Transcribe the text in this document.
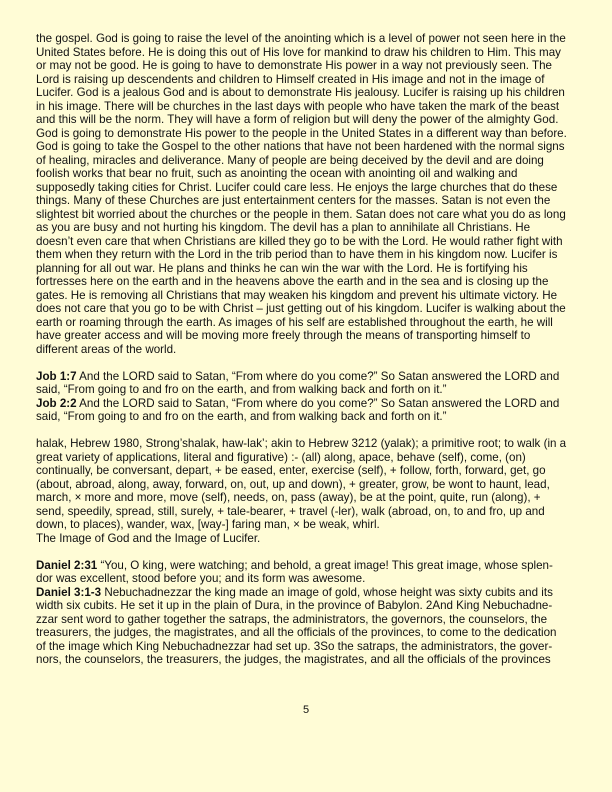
the gospel. God is going to raise the level of the anointing which is a level of power not seen here in the United States before. He is doing this out of His love for mankind to draw his children to Him. This may or may not be good. He is going to have to demonstrate His power in a way not previously seen. The Lord is raising up descendents and children to Himself created in His image and not in the image of Lucifer. God is a jealous God and is about to demonstrate His jealousy. Lucifer is raising up his children in his image. There will be churches in the last days with people who have taken the mark of the beast and this will be the norm. They will have a form of religion but will deny the power of the almighty God. God is going to demonstrate His power to the people in the United States in a different way than before. God is going to take the Gospel to the other nations that have not been hardened with the normal signs of healing, miracles and deliverance. Many of people are being deceived by the devil and are doing foolish works that bear no fruit, such as anointing the ocean with anointing oil and walking and supposedly taking cities for Christ. Lucifer could care less. He enjoys the large churches that do these things. Many of these Churches are just entertainment centers for the masses. Satan is not even the slightest bit worried about the churches or the people in them. Satan does not care what you do as long as you are busy and not hurting his kingdom. The devil has a plan to annihilate all Christians. He doesn’t even care that when Christians are killed they go to be with the Lord. He would rather fight with them when they return with the Lord in the trib period than to have them in his kingdom now. Lucifer is planning for all out war. He plans and thinks he can win the war with the Lord. He is fortifying his fortresses here on the earth and in the heavens above the earth and in the sea and is closing up the gates. He is removing all Christians that may weaken his kingdom and prevent his ultimate victory. He does not care that you go to be with Christ – just getting out of his kingdom. Lucifer is walking about the earth or roaming through the earth. As images of his self are established throughout the earth, he will have greater access and will be moving more freely through the means of transporting himself to different areas of the world.

Job 1:7 And the LORD said to Satan, “From where do you come?” So Satan answered the LORD and said, “From going to and fro on the earth, and from walking back and forth on it.”

Job 2:2 And the LORD said to Satan, “From where do you come?” So Satan answered the LORD and said, “From going to and fro on the earth, and from walking back and forth on it.”

halak, Hebrew 1980, Strong’shalak, haw-lak’; akin to Hebrew 3212 (yalak); a primitive root; to walk (in a great variety of applications, literal and figurative) :- (all) along, apace, behave (self), come, (on) continually, be conversant, depart, + be eased, enter, exercise (self), + follow, forth, forward, get, go (about, abroad, along, away, forward, on, out, up and down), + greater, grow, be wont to haunt, lead, march, × more and more, move (self), needs, on, pass (away), be at the point, quite, run (along), + send, speedily, spread, still, surely, + tale-bearer, + travel (-ler), walk (abroad, on, to and fro, up and down, to places), wander, wax, [way-] faring man, × be weak, whirl.

The Image of God and the Image of Lucifer.

Daniel 2:31 “You, O king, were watching; and behold, a great image! This great image, whose splen-dor was excellent, stood before you; and its form was awesome.

Daniel 3:1-3 Nebuchadnezzar the king made an image of gold, whose height was sixty cubits and its width six cubits. He set it up in the plain of Dura, in the province of Babylon. 2And King Nebuchadne-zzar sent word to gather together the satraps, the administrators, the governors, the counselors, the treasurers, the judges, the magistrates, and all the officials of the provinces, to come to the dedication of the image which King Nebuchadnezzar had set up. 3So the satraps, the administrators, the gover-nors, the counselors, the treasurers, the judges, the magistrates, and all the officials of the provinces

5
